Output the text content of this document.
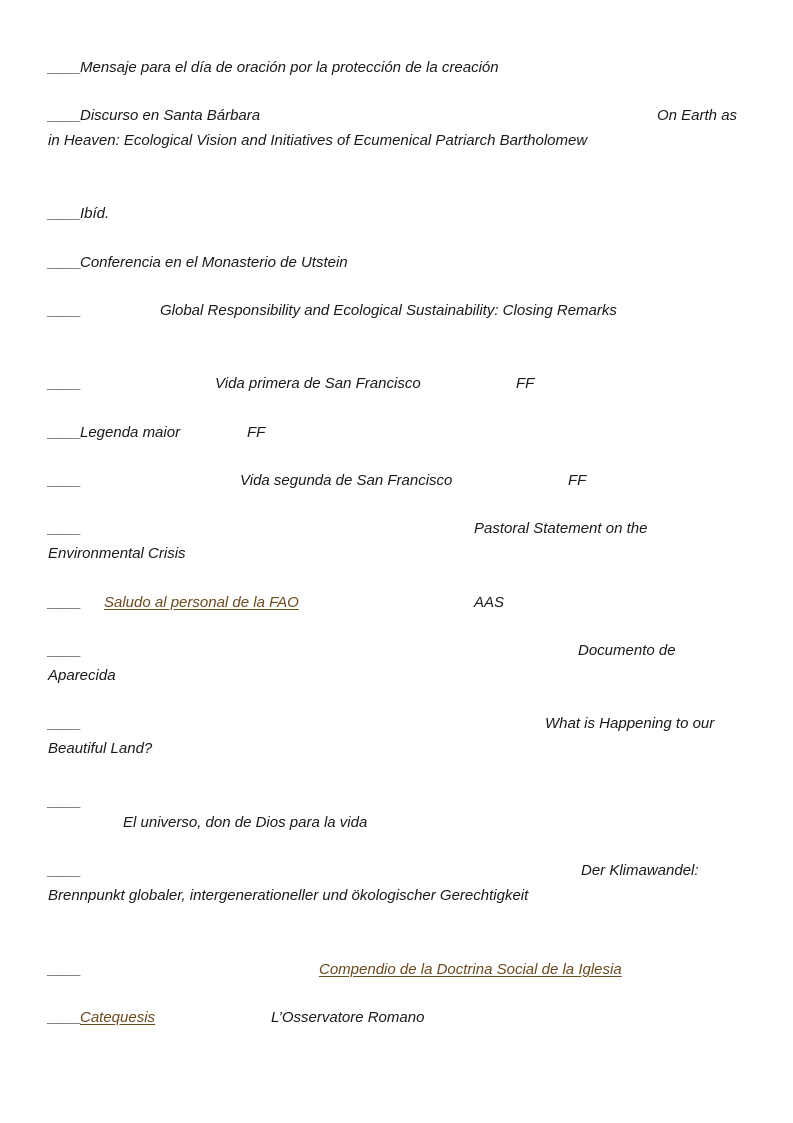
____
Mensaje para el día de oración por la protección de la creación
____
Discurso en Santa Bárbara	On Earth as
in Heaven: Ecological Vision and Initiatives of Ecumenical Patriarch Bartholomew
____
Ibíd.
____
Conferencia en el Monasterio de Utstein
____	Global Responsibility and Ecological Sustainability: Closing Remarks
____	Vida primera de San Francisco	FF
____
Legenda maior	FF
____	Vida segunda de San Francisco	FF
____	Pastoral Statement on the
Environmental Crisis
____ Saludo al personal de la FAO	AAS
____	Documento de
Aparecida
____	What is Happening to our
Beautiful Land?
____
El universo, don de Dios para la vida
____	Der Klimawandel:
Brennpunkt globaler, intergenerationeller und ökologischer Gerechtigkeit
____	Compendio de la Doctrina Social de la Iglesia
____
Catequesis	L’Osservatore Romano
